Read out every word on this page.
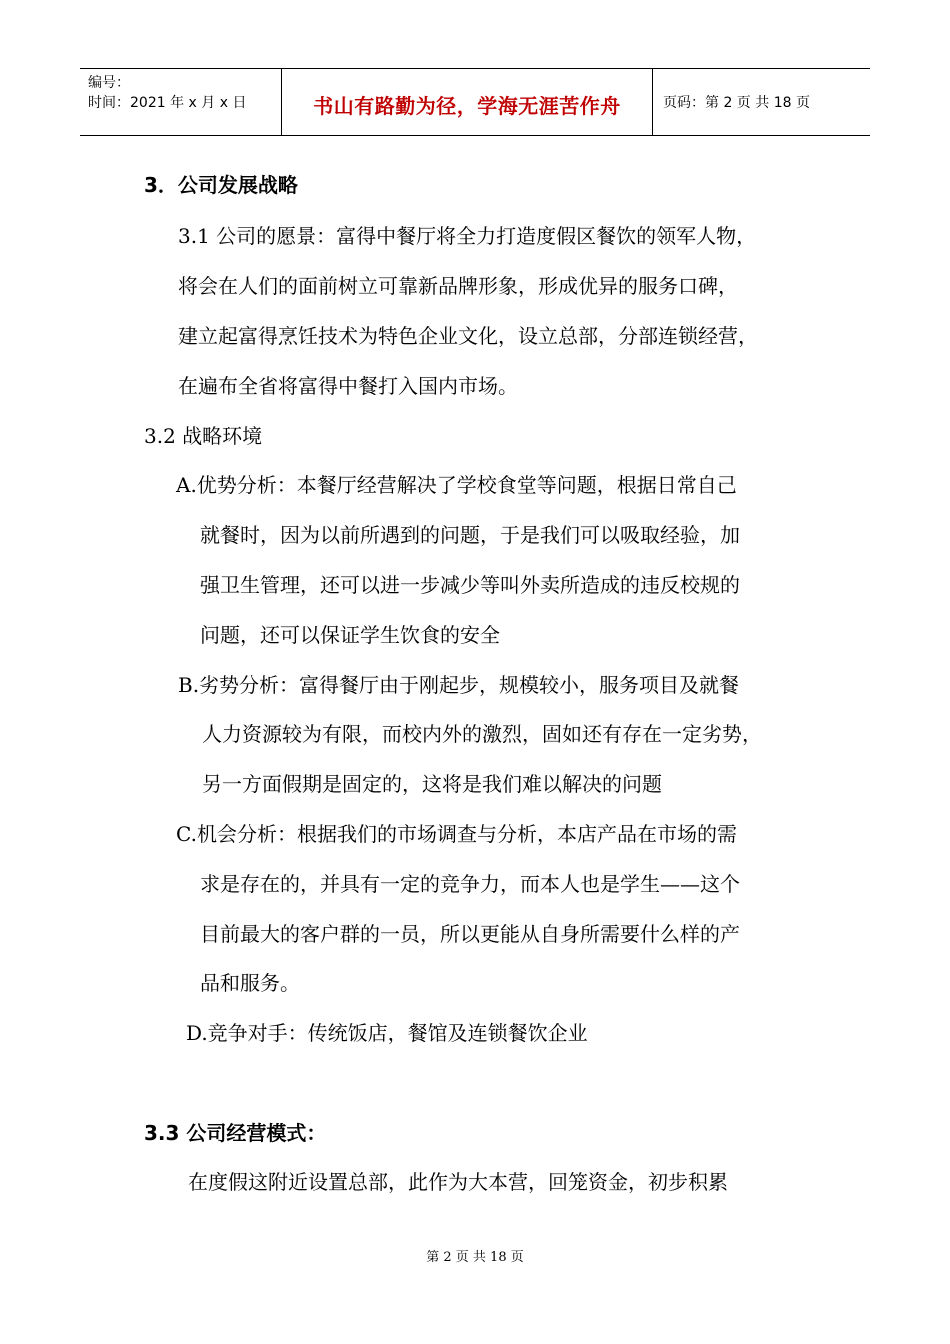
编号：
时间：2021 年 x 月 x 日	书山有路勤为径，学海无涯苦作舟	页码：第 2 页 共 18 页
3．公司发展战略
3.1 公司的愿景：富得中餐厅将全力打造度假区餐饮的领军人物，
将会在人们的面前树立可靠新品牌形象，形成优异的服务口碑，
建立起富得烹饪技术为特色企业文化，设立总部，分部连锁经营，
在遍布全省将富得中餐打入国内市场。
3.2 战略环境
A.优势分析：本餐厅经营解决了学校食堂等问题，根据日常自己
就餐时，因为以前所遇到的问题，于是我们可以吸取经验，加
强卫生管理，还可以进一步减少等叫外卖所造成的违反校规的
问题，还可以保证学生饮食的安全
B.劣势分析：富得餐厅由于刚起步，规模较小，服务项目及就餐
人力资源较为有限，而校内外的激烈，固如还有存在一定劣势，
另一方面假期是固定的，这将是我们难以解决的问题
C.机会分析：根据我们的市场调查与分析，本店产品在市场的需
求是存在的，并具有一定的竞争力，而本人也是学生——这个
目前最大的客户群的一员，所以更能从自身所需要什么样的产
品和服务。
D.竞争对手：传统饭店，餐馆及连锁餐饮企业
3.3 公司经营模式：
在度假这附近设置总部，此作为大本营，回笼资金，初步积累
第 2 页 共 18 页
